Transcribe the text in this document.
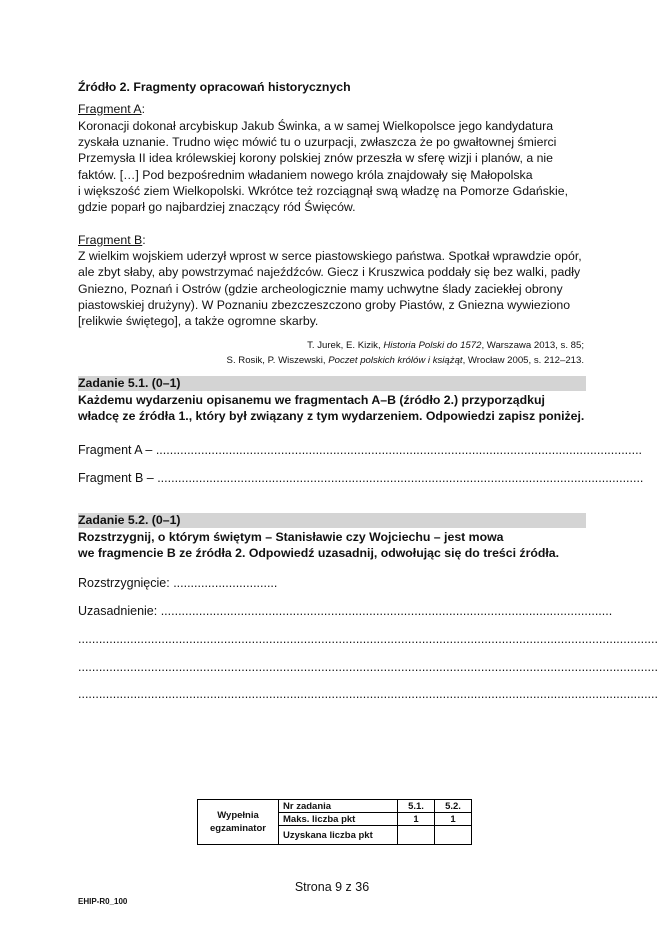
Źródło 2. Fragmenty opracowań historycznych
Fragment A:
Koronacji dokonał arcybiskup Jakub Świnka, a w samej Wielkopolsce jego kandydatura
zyskała uznanie. Trudno więc mówić tu o uzurpacji, zwłaszcza że po gwałtownej śmierci
Przemysła II idea królewskiej korony polskiej znów przeszła w sferę wizji i planów, a nie
faktów. […] Pod bezpośrednim władaniem nowego króla znajdowały się Małopolska
i większość ziem Wielkopolski. Wkrótce też rozciągnął swą władzę na Pomorze Gdańskie,
gdzie poparł go najbardziej znaczący ród Święców.
Fragment B:
Z wielkim wojskiem uderzył wprost w serce piastowskiego państwa. Spotkał wprawdzie opór,
ale zbyt słaby, aby powstrzymać najeźdźców. Giecz i Kruszwica poddały się bez walki, padły
Gniezno, Poznań i Ostrów (gdzie archeologicznie mamy uchwytne ślady zaciekłej obrony
piastowskiej drużyny). W Poznaniu zbezczeszczono groby Piastów, z Gniezna wywieziono
[relikwie świętego], a także ogromne skarby.
T. Jurek, E. Kizik, Historia Polski do 1572, Warszawa 2013, s. 85;
S. Rosik, P. Wiszewski, Poczet polskich królów i książąt, Wrocław 2005, s. 212–213.
Zadanie 5.1. (0–1)
Każdemu wydarzeniu opisanemu we fragmentach A–B (źródło 2.) przyporządkuj
władcę ze źródła 1., który był związany z tym wydarzeniem. Odpowiedzi zapisz poniżej.
Fragment A – ............................................................................................................................................
Fragment B – ............................................................................................................................................
Zadanie 5.2. (0–1)
Rozstrzygnij, o którym świętym – Stanisławie czy Wojciechu – jest mowa
we fragmencie B ze źródła 2. Odpowiedź uzasadnij, odwołując się do treści źródła.
Rozstrzygnięcie: ..............................
Uzasadnienie: ..................................................................................................................................
.......................................................................................................................................................................
.......................................................................................................................................................................
.......................................................................................................................................................................
Wypełnia
egzaminator	Nr zadania	5.1.	5.2.
	Maks. liczba pkt	1	1
	Uzyskana liczba pkt		
Strona 9 z 36
EHIP-R0_100
